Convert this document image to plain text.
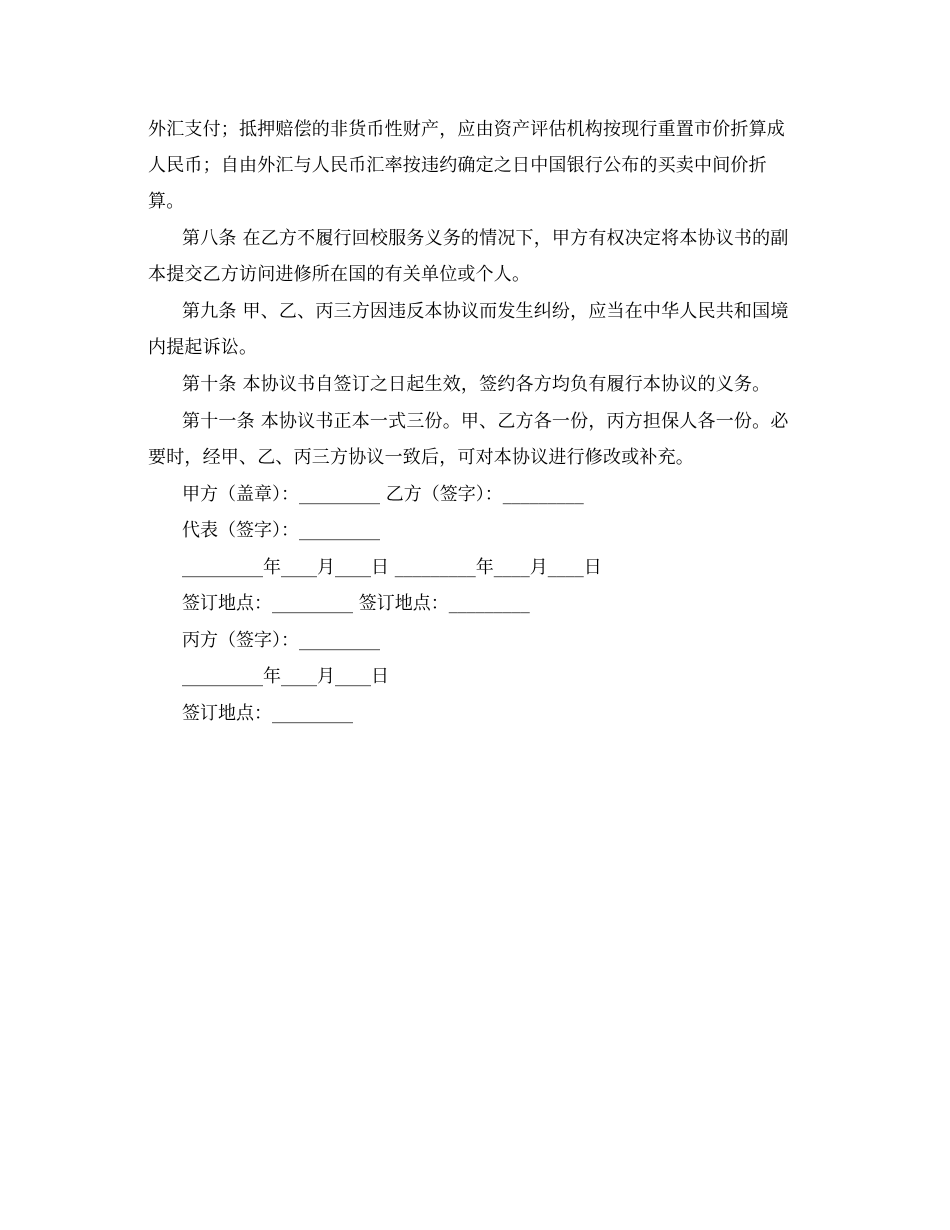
外汇支付；抵押赔偿的非货币性财产，应由资产评估机构按现行重置市价折算成
人民币；自由外汇与人民币汇率按违约确定之日中国银行公布的买卖中间价折
算。
第八条 在乙方不履行回校服务义务的情况下，甲方有权决定将本协议书的副
本提交乙方访问进修所在国的有关单位或个人。
第九条 甲、乙、丙三方因违反本协议而发生纠纷，应当在中华人民共和国境
内提起诉讼。
第十条 本协议书自签订之日起生效，签约各方均负有履行本协议的义务。
第十一条 本协议书正本一式三份。甲、乙方各一份，丙方担保人各一份。必
要时，经甲、乙、丙三方协议一致后，可对本协议进行修改或补充。
甲方（盖章）：_________ 乙方（签字）：_________
代表（签字）：_________
_________年____月____日 _________年____月____日
签订地点：_________ 签订地点：_________
丙方（签字）：_________
_________年____月____日
签订地点：_________
